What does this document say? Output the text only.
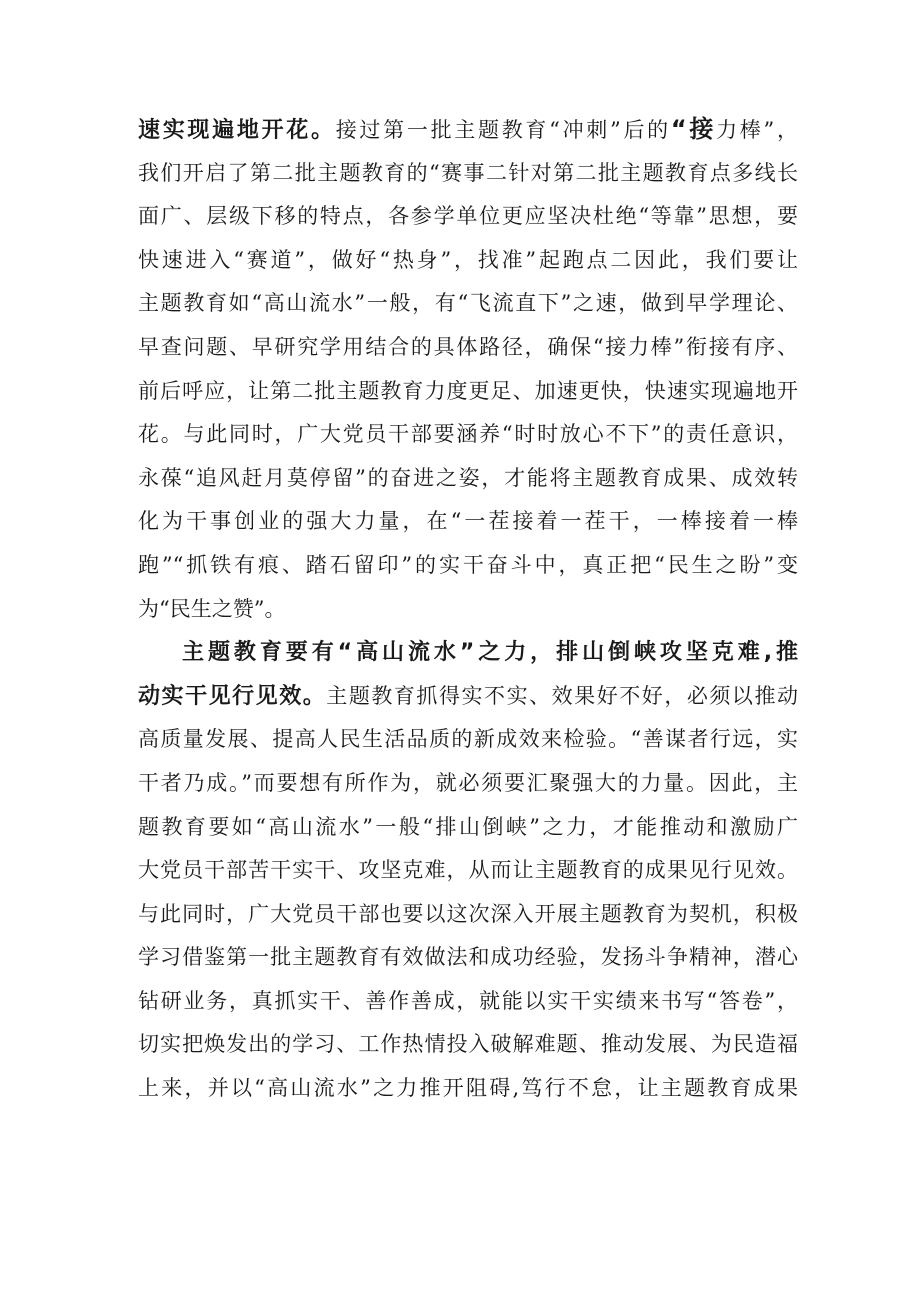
速实现遍地开花。接过第一批主题教育“冲刺”后的“接力棒”，
我们开启了第二批主题教育的“赛事二针对第二批主题教育点多线长
面广、层级下移的特点，各参学单位更应坚决杜绝“等靠”思想，要
快速进入“赛道”，做好“热身”，找准”起跑点二因此，我们要让
主题教育如“高山流水”一般，有“飞流直下”之速，做到早学理论、
早查问题、早研究学用结合的具体路径，确保“接力棒”衔接有序、
前后呼应，让第二批主题教育力度更足、加速更快，快速实现遍地开
花。与此同时，广大党员干部要涵养“时时放心不下”的责任意识，
永葆“追风赶月莫停留”的奋进之姿，才能将主题教育成果、成效转
化为干事创业的强大力量，在“一茬接着一茬干，一棒接着一棒
跑”“抓铁有痕、踏石留印”的实干奋斗中，真正把“民生之盼”变
为“民生之赞”。
主题教育要有“高山流水”之力，排山倒峡攻坚克难,推
动实干见行见效。主题教育抓得实不实、效果好不好，必须以推动
高质量发展、提高人民生活品质的新成效来检验。“善谋者行远，实
干者乃成。”而要想有所作为，就必须要汇聚强大的力量。因此，主
题教育要如“高山流水”一般“排山倒峡”之力，才能推动和激励广
大党员干部苦干实干、攻坚克难，从而让主题教育的成果见行见效。
与此同时，广大党员干部也要以这次深入开展主题教育为契机，积极
学习借鉴第一批主题教育有效做法和成功经验，发扬斗争精神，潜心
钻研业务，真抓实干、善作善成，就能以实干实绩来书写“答卷”，
切实把焕发出的学习、工作热情投入破解难题、推动发展、为民造福
上来，并以“高山流水”之力推开阻碍,笃行不怠，让主题教育成果
